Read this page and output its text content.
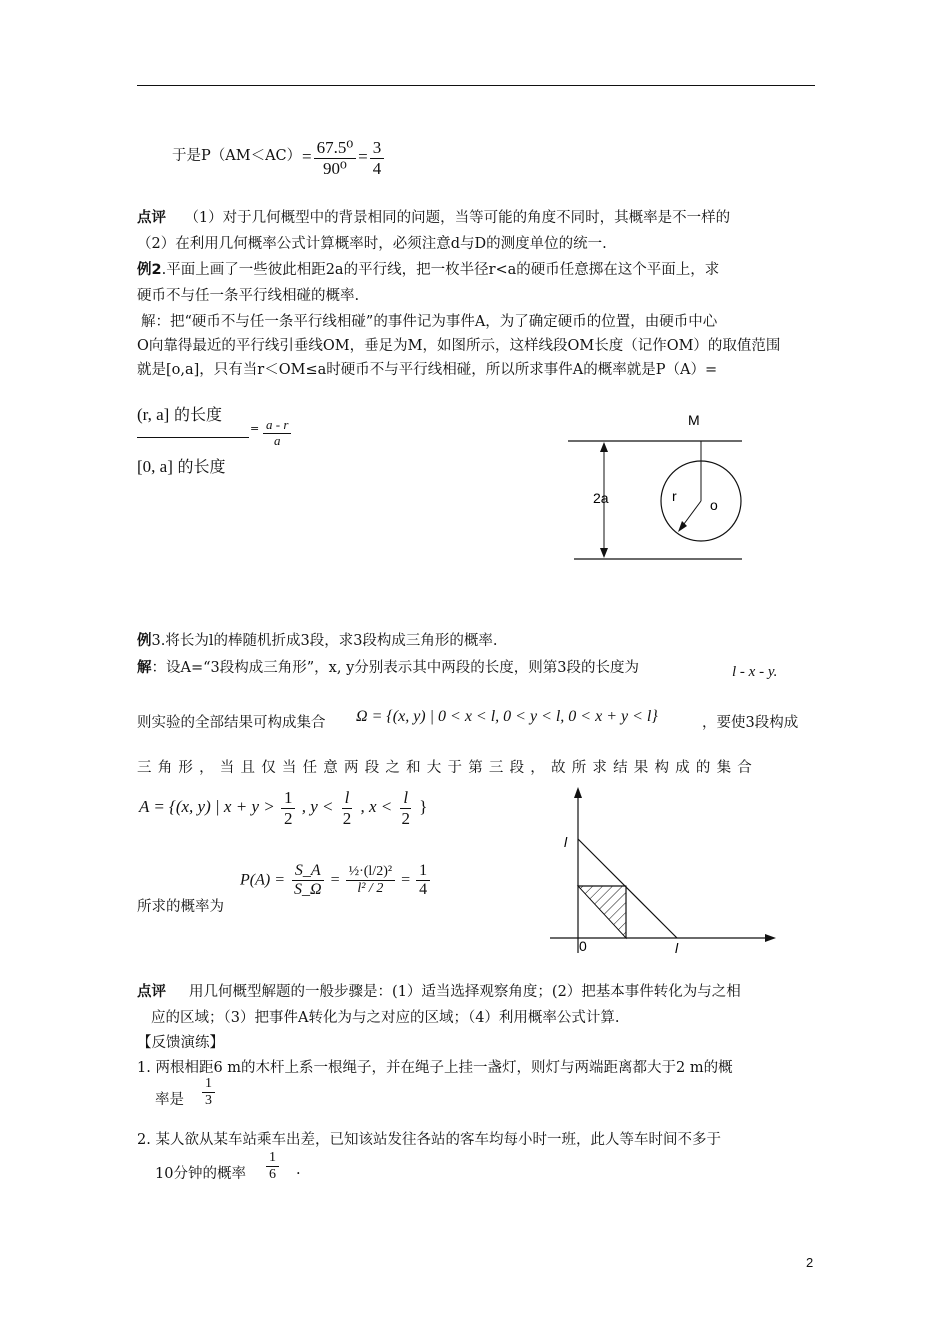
于是$P(AM<AC) = \frac{\text{67.5⁰}}{\text{90⁰}} = \frac{3}{4}$
点评 （1）对于几何概型中的背景相同的问题，当等可能的角度不同时，其概率是不一样的
（2）在利用几何概率公式计算概率时，必须注意d与D的测度单位的统一.
例2.平面上画了一些彼此相距2a的平行线，把一枚半径r<a的硬币任意掷在这个平面上，求
硬币不与任一条平行线相碰的概率.
解：把“硬币不与任一条平行线相碰”的事件记为事件A，为了确定硬币的位置，由硬币中心
O向靠得最近的平行线引垂线OM，垂足为M，如图所示，这样线段OM长度（记作OM）的取值范围
就是[o,a]，只有当r＜OM≤a时硬币不与平行线相碰，所以所求事件A的概率就是P（A）=
(r, a] 的长度
[0, a] 的长度
= $\frac{a - r}{a}$	M
2a	r
o
例3.将长为l的棒随机折成3段，求3段构成三角形的概率.
解：设A=“3段构成三角形”，x, y分别表示其中两段的长度，则第3段的长度为	l - x - y.
则实验的全部结果可构成集合 Ω = {(x, y) | 0 < x < l, 0 < y < l, 0 < x + y < l}	，要使3段构成
三角形，当且仅当任意两段之和大于第三段，故所求结果构成的集合
A = {(x, y) | $x + y > \frac{1}{2}$ , $y < \frac{l}{2}$ , $x < \frac{l}{2}$ }
所求的概率为
$P(A) = \frac{S\_A}{S\_\Omega} = \frac{\text{½·(l/2)²}}{\text{l² / 2}} = \frac{1}{4}$
l
0	l
点评 用几何概型解题的一般步骤是：(1）适当选择观察角度；(2）把基本事件转化为与之相
应的区域；（3）把事件A转化为与之对应的区域；（4）利用概率公式计算.
【反馈演练】
1. 两根相距6 m的木杆上系一根绳子，并在绳子上挂一盏灯，则灯与两端距离都大于2 m的概
率是 $\frac{1}{3}$
2. 某人欲从某车站乘车出差，已知该站发往各站的客车均每小时一班，此人等车时间不多于
10分钟的概率 $\frac{1}{6}$ .
2
